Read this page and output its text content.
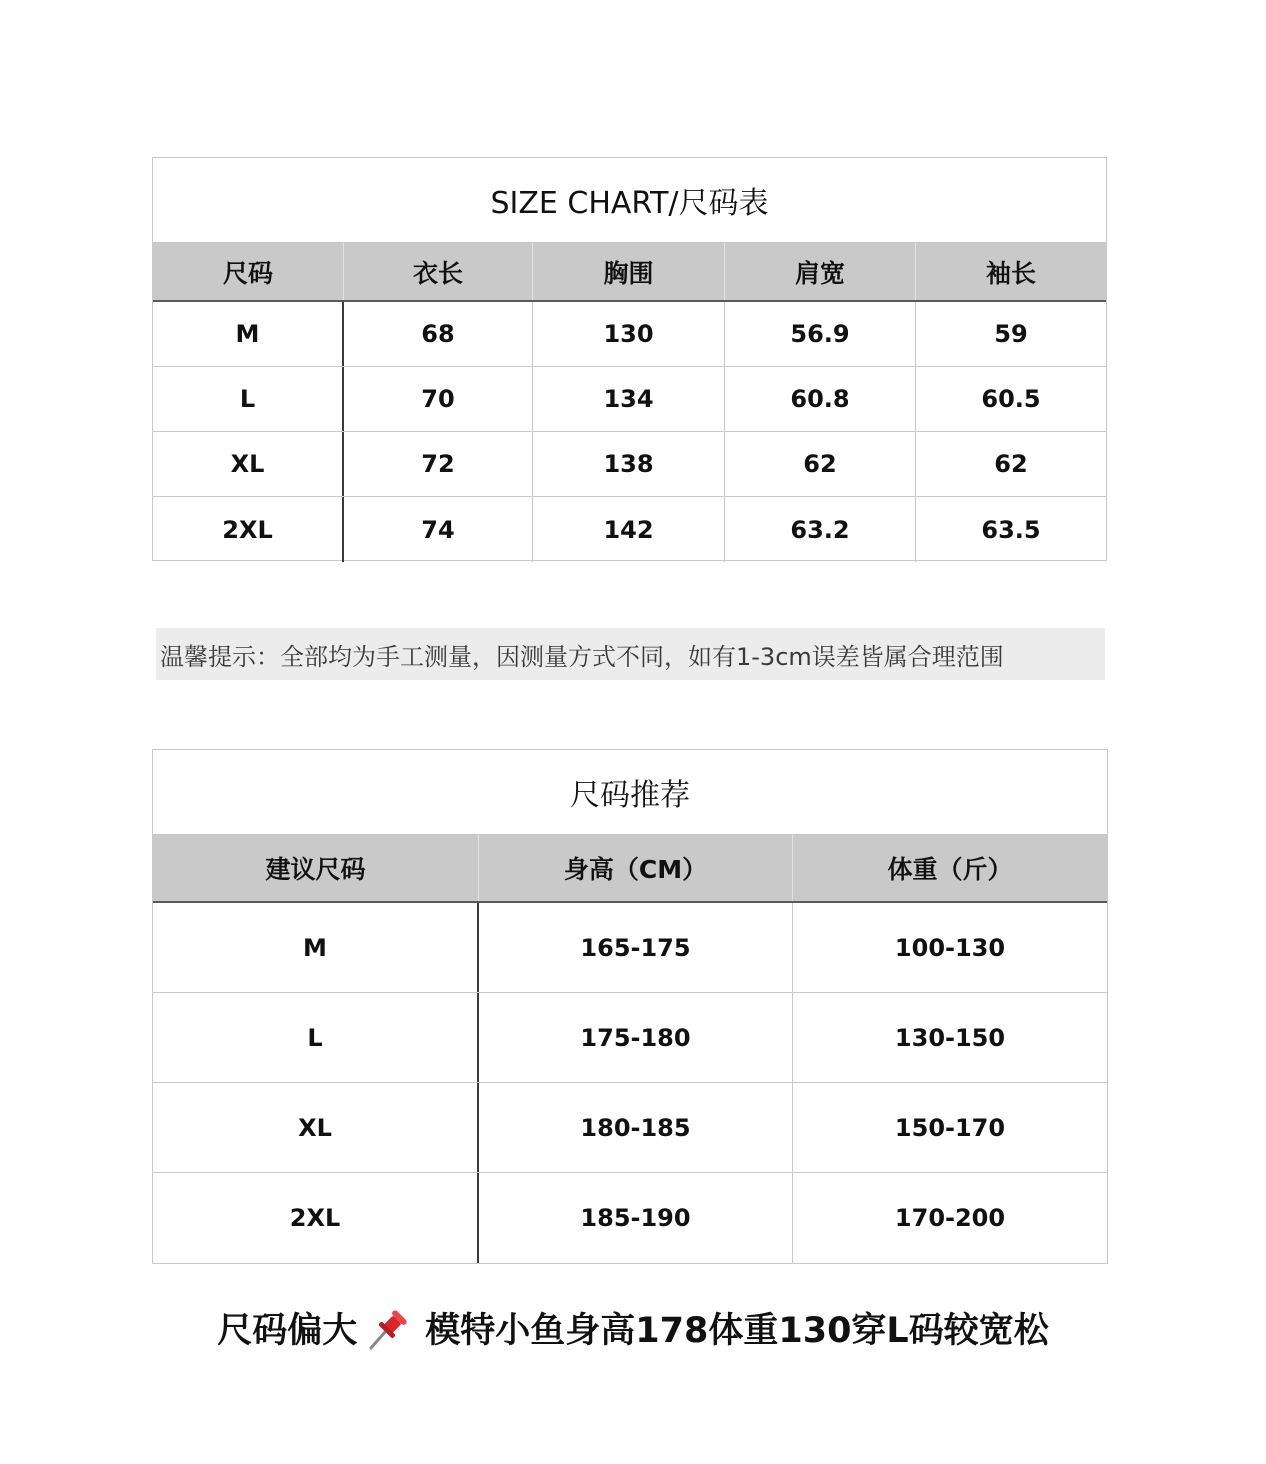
SIZE CHART/尺码表
尺码	衣长	胸围	肩宽	袖长
M	68	130	56.9	59
L	70	134	60.8	60.5
XL	72	138	62	62
2XL	74	142	63.2	63.5
温馨提示：全部均为手工测量，因测量方式不同，如有1-3cm误差皆属合理范围
尺码推荐
建议尺码	身高（CM）	体重（斤）
M	165-175	100-130
L	175-180	130-150
XL	180-185	150-170
2XL	185-190	170-200
尺码偏大 模特小鱼身高178体重130穿L码较宽松
